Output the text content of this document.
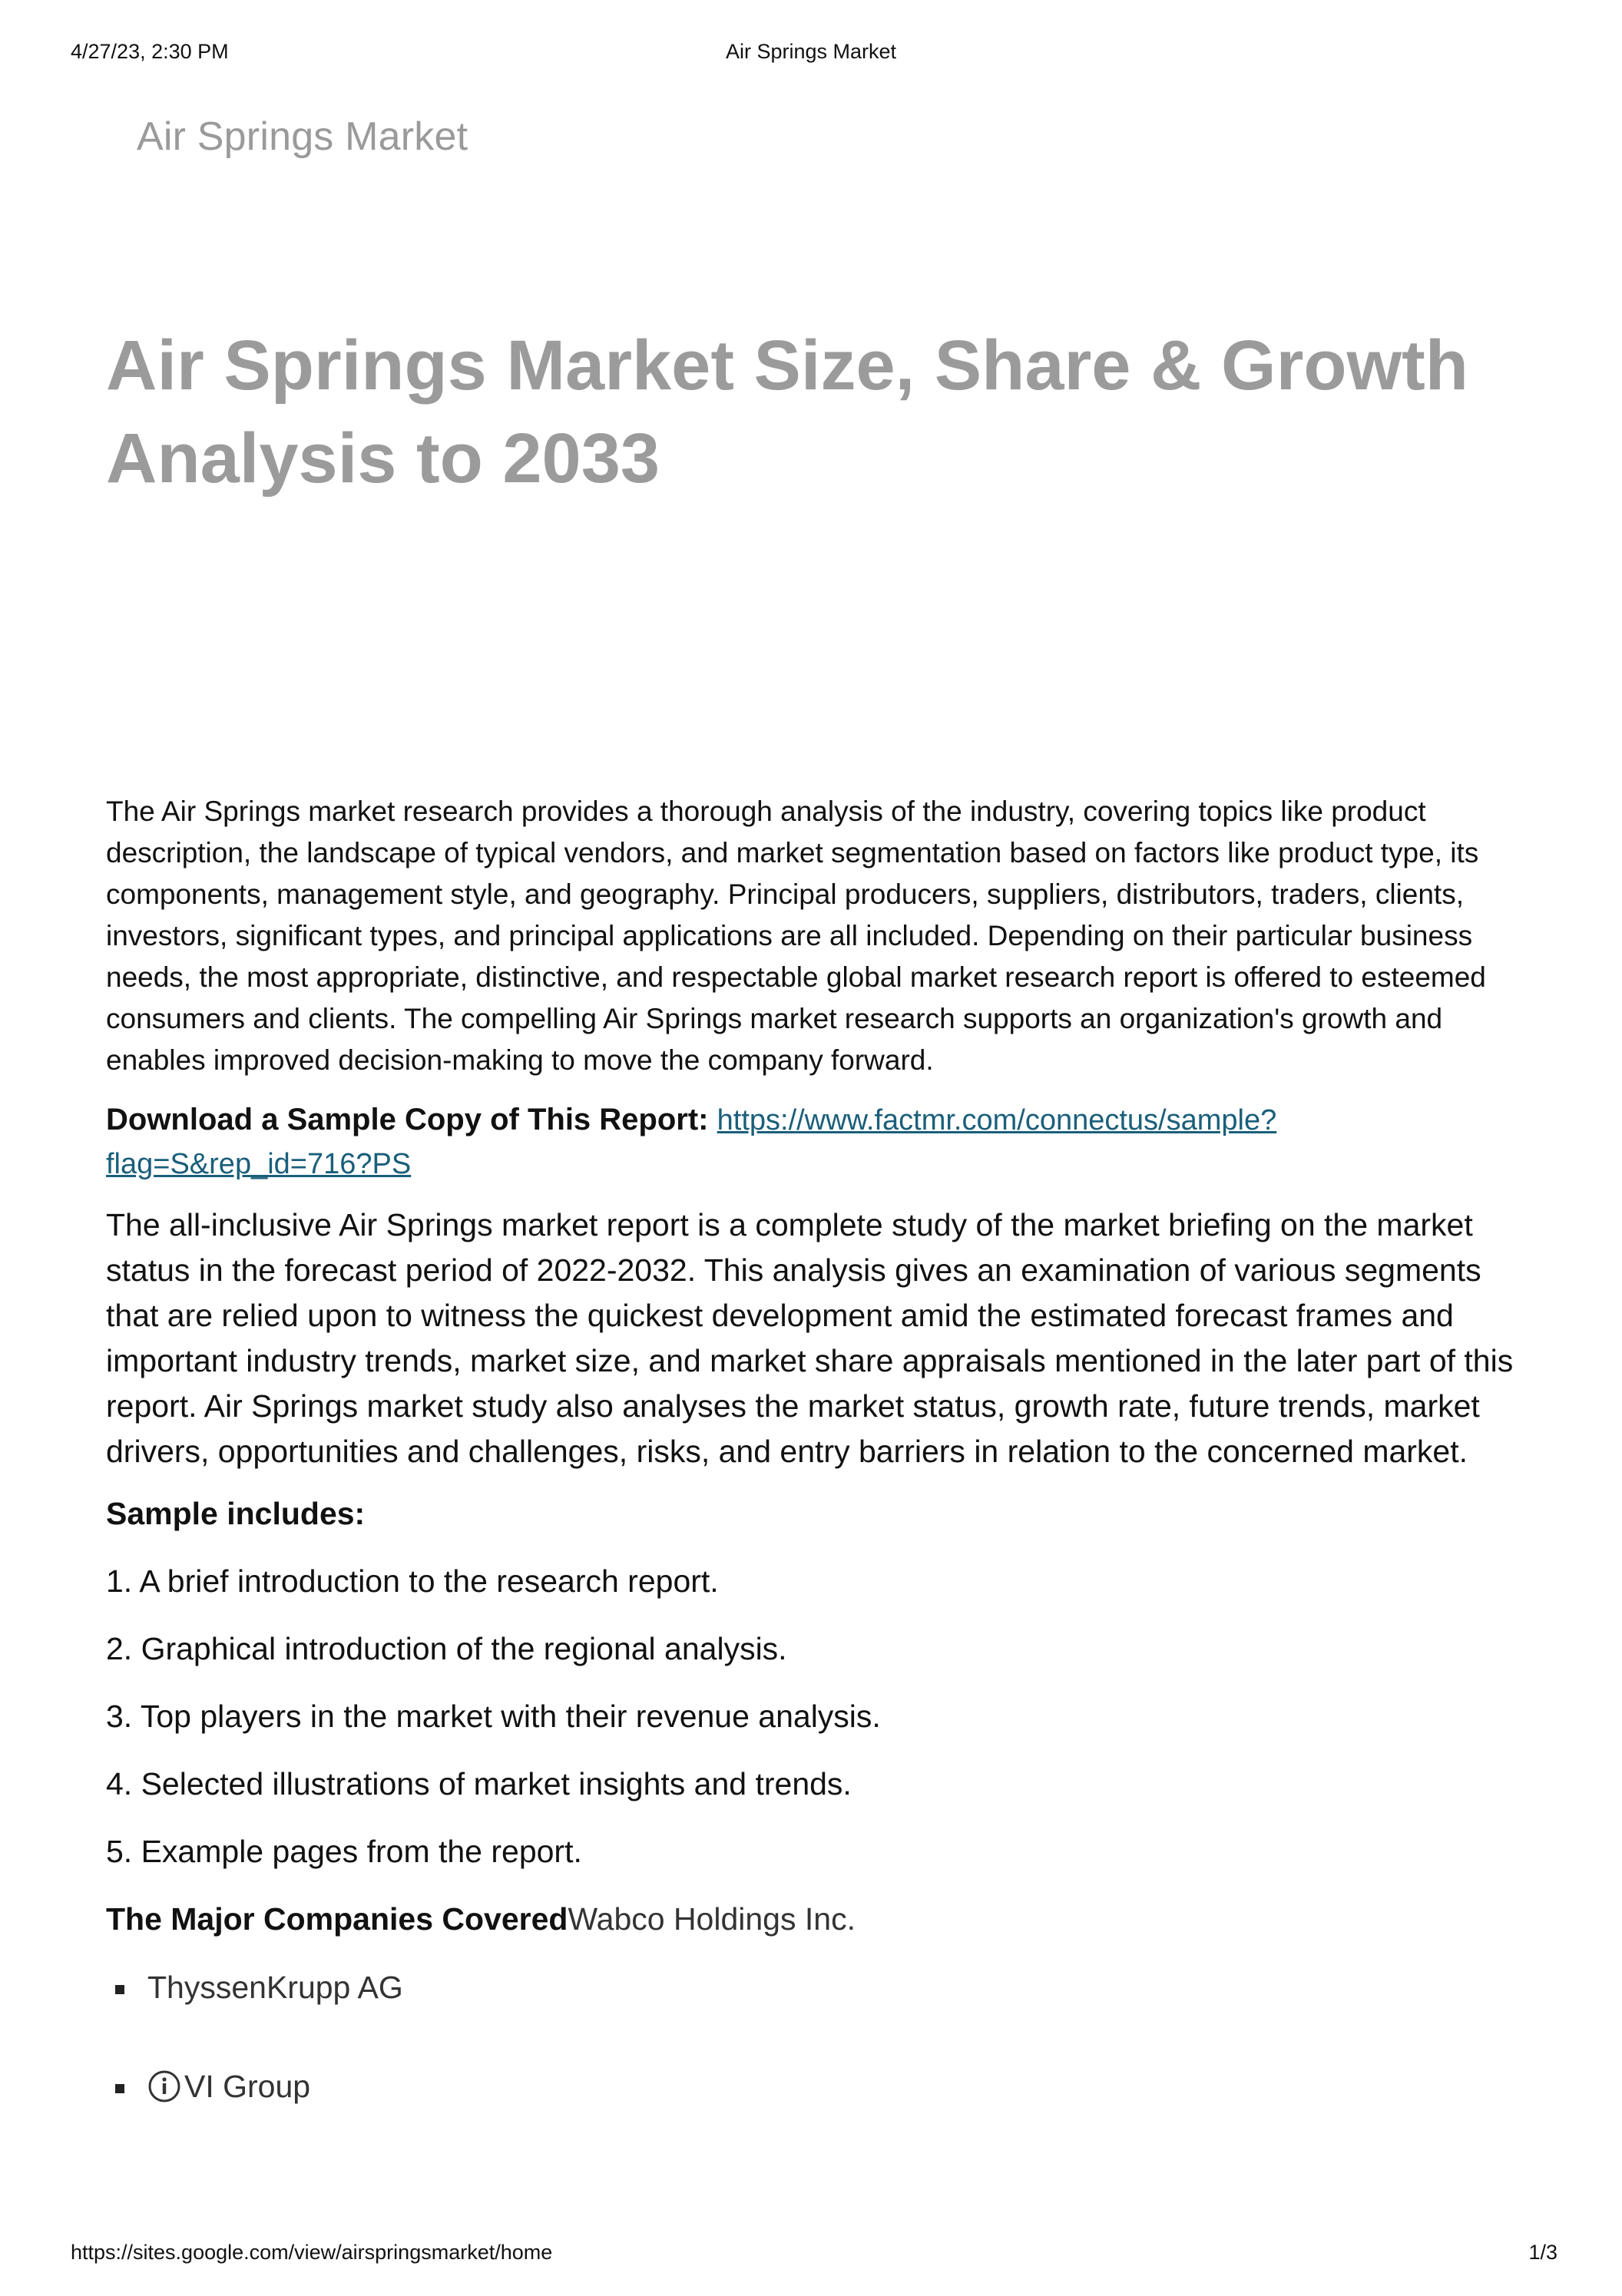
4/27/23, 2:30 PM	Air Springs Market
Air Springs Market
Air Springs Market Size, Share & Growth Analysis to 2033

The Air Springs market research provides a thorough analysis of the industry, covering topics like product description, the landscape of typical vendors, and market segmentation based on factors like product type, its components, management style, and geography. Principal producers, suppliers, distributors, traders, clients, investors, significant types, and principal applications are all included. Depending on their particular business needs, the most appropriate, distinctive, and respectable global market research report is offered to esteemed consumers and clients. The compelling Air Springs market research supports an organization's growth and enables improved decision-making to move the company forward.

Download a Sample Copy of This Report: https://www.factmr.com/connectus/sample?flag=S&rep_id=716?PS

The all-inclusive Air Springs market report is a complete study of the market briefing on the market status in the forecast period of 2022-2032. This analysis gives an examination of various segments that are relied upon to witness the quickest development amid the estimated forecast frames and important industry trends, market size, and market share appraisals mentioned in the later part of this report. Air Springs market study also analyses the market status, growth rate, future trends, market drivers, opportunities and challenges, risks, and entry barriers in relation to the concerned market.

Sample includes:

1. A brief introduction to the research report.
2. Graphical introduction of the regional analysis.
3. Top players in the market with their revenue analysis.
4. Selected illustrations of market insights and trends.
5. Example pages from the report.

The Major Companies CoveredWabco Holdings Inc.

ThyssenKrupp AG
VI Group
https://sites.google.com/view/airspringsmarket/home	1/3
